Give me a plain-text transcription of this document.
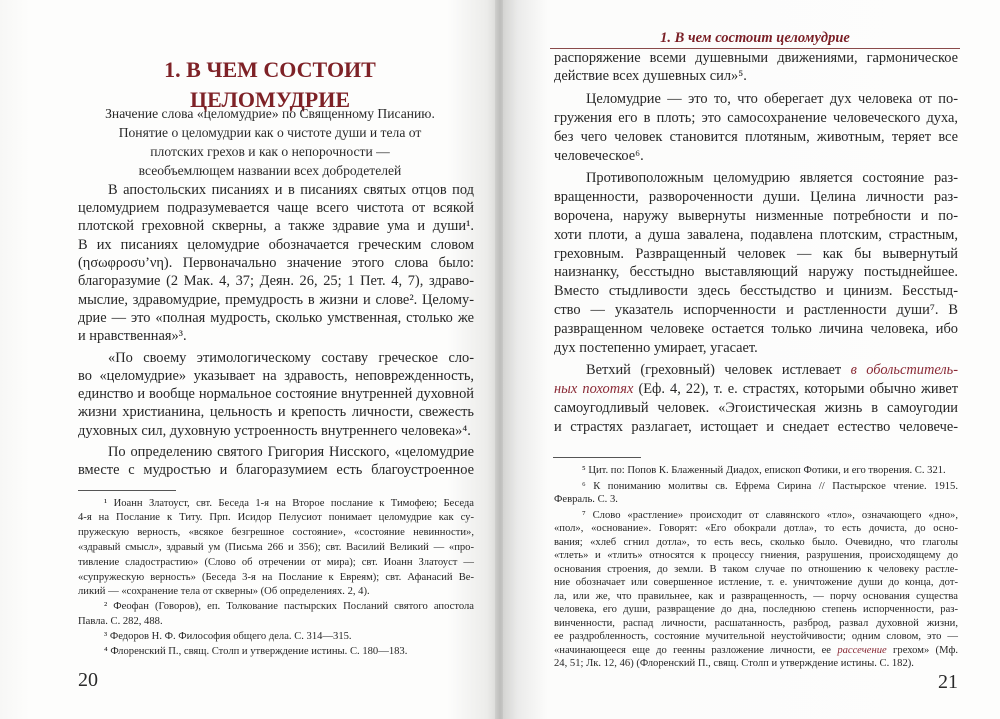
1. В ЧЕМ СОСТОИТ
ЦЕЛОМУДРИЕ
Значение слова «целомудрие» по Священному Писанию.
Понятие о целомудрии как о чистоте души и тела от
плотских грехов и как о непорочности —
всеобъемлющем названии всех добродетелей
В апостольских писаниях и в писаниях святых отцов под
целомудрием подразумевается чаще всего чистота от всякой
плотской греховной скверны, а также здравие ума и души¹.
В их писаниях целомудрие обозначается греческим словом
(ησωφροσυ’νη). Первоначально значение этого слова было:
благоразумие (2 Мак. 4, 37; Деян. 26, 25; 1 Пет. 4, 7), здраво-
мыслие, здравомудрие, премудрость в жизни и слове². Целому-
дрие — это «полная мудрость, сколько умственная, столько же
и нравственная»³.
«По своему этимологическому составу греческое сло-
во «целомудрие» указывает на здравость, неповрежденность,
единство и вообще нормальное состояние внутренней духовной
жизни христианина, цельность и крепость личности, свежесть
духовных сил, духовную устроенность внутреннего человека»⁴.
По определению святого Григория Нисского, «целомудрие
вместе с мудростью и благоразумием есть благоустроенное
¹ Иоанн Златоуст, свт. Беседа 1-я на Второе послание к Тимофею; Беседа
4-я на Послание к Титу. Прп. Исидор Пелусиот понимает целомудрие как су-
пружескую верность, «всякое безгрешное состояние», «состояние невинности»,
«здравый смысл», здравый ум (Письма 266 и 356); свт. Василий Великий — «про-
тивление сладострастию» (Слово об отречении от мира); свт. Иоанн Златоуст —
«супружескую верность» (Беседа 3-я на Послание к Евреям); свт. Афанасий Ве-
ликий — «сохранение тела от скверны» (Об определениях. 2, 4).
² Феофан (Говоров), еп. Толкование пастырских Посланий святого апостола
Павла. С. 282, 488.
³ Федоров Н. Ф. Философия общего дела. С. 314—315.
⁴ Флоренский П., свящ. Столп и утверждение истины. С. 180—183.
20
1. В чем состоит целомудрие
распоряжение всеми душевными движениями, гармоническое
действие всех душевных сил»⁵.
Целомудрие — это то, что оберегает дух человека от по-
гружения его в плоть; это самосохранение человеческого духа,
без чего человек становится плотяным, животным, теряет все
человеческое⁶.
Противоположным целомудрию является состояние раз-
вращенности, развороченности души. Целина личности раз-
ворочена, наружу вывернуты низменные потребности и по-
хоти плоти, а душа завалена, подавлена плотским, страстным,
греховным. Развращенный человек — как бы вывернутый
наизнанку, бесстыдно выставляющий наружу постыднейшее.
Вместо стыдливости здесь бесстыдство и цинизм. Бесстыд-
ство — указатель испорченности и растленности души⁷. В
развращенном человеке остается только личина человека, ибо
дух постепенно умирает, угасает.
Ветхий (греховный) человек истлевает в обольститель-
ных похотях (Еф. 4, 22), т. е. страстях, которыми обычно живет
самоугодливый человек. «Эгоистическая жизнь в самоугодии
и страстях разлагает, истощает и снедает естество человече-
⁵ Цит. по: Попов К. Блаженный Диадох, епископ Фотики, и его творения. С. 321.
⁶ К пониманию молитвы св. Ефрема Сирина // Пастырское чтение. 1915.
Февраль. С. 3.
⁷ Слово «растление» происходит от славянского «тло», означающего «дно»,
«пол», «основание». Говорят: «Его обокрали дотла», то есть дочиста, до осно-
вания; «хлеб сгнил дотла», то есть весь, сколько было. Очевидно, что глаголы
«тлеть» и «тлить» относятся к процессу гниения, разрушения, происходящему до
основания строения, до земли. В таком случае по отношению к человеку растле-
ние обозначает или совершенное истление, т. е. уничтожение души до конца, дот-
ла, или же, что правильнее, как и развращенность, — порчу основания существа
человека, его души, развращение до дна, последнюю степень испорченности, раз-
винченности, распад личности, расшатанность, разброд, развал духовной жизни,
ее раздробленность, состояние мучительной неустойчивости; одним словом, это —
«начинающееся еще до геенны разложение личности, ее рассечение грехом» (Мф.
24, 51; Лк. 12, 46) (Флоренский П., свящ. Столп и утверждение истины. С. 182).
21
